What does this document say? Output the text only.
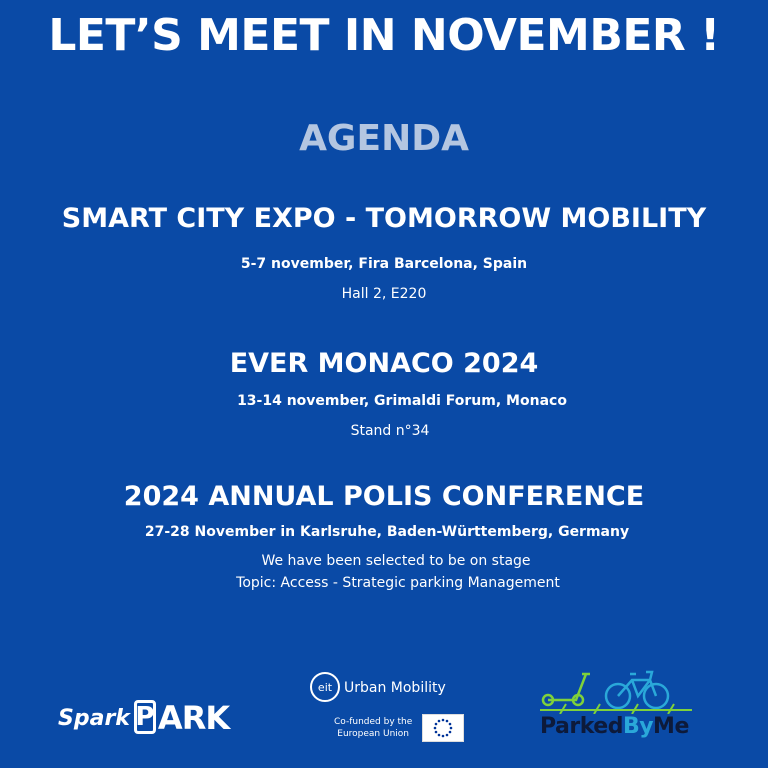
LET’S MEET IN NOVEMBER !
AGENDA
SMART CITY EXPO - TOMORROW MOBILITY
5-7 november, Fira Barcelona, Spain
Hall 2, E220
EVER MONACO 2024
13-14 november, Grimaldi Forum, Monaco
Stand n°34
2024 ANNUAL POLIS CONFERENCE
27-28 November in Karlsruhe, Baden-Württemberg, Germany
We have been selected to be on stage
Topic: Access - Strategic parking Management
Spark P ARK
eit Urban Mobility
Co-funded by the
European Union	ParkedByMe
